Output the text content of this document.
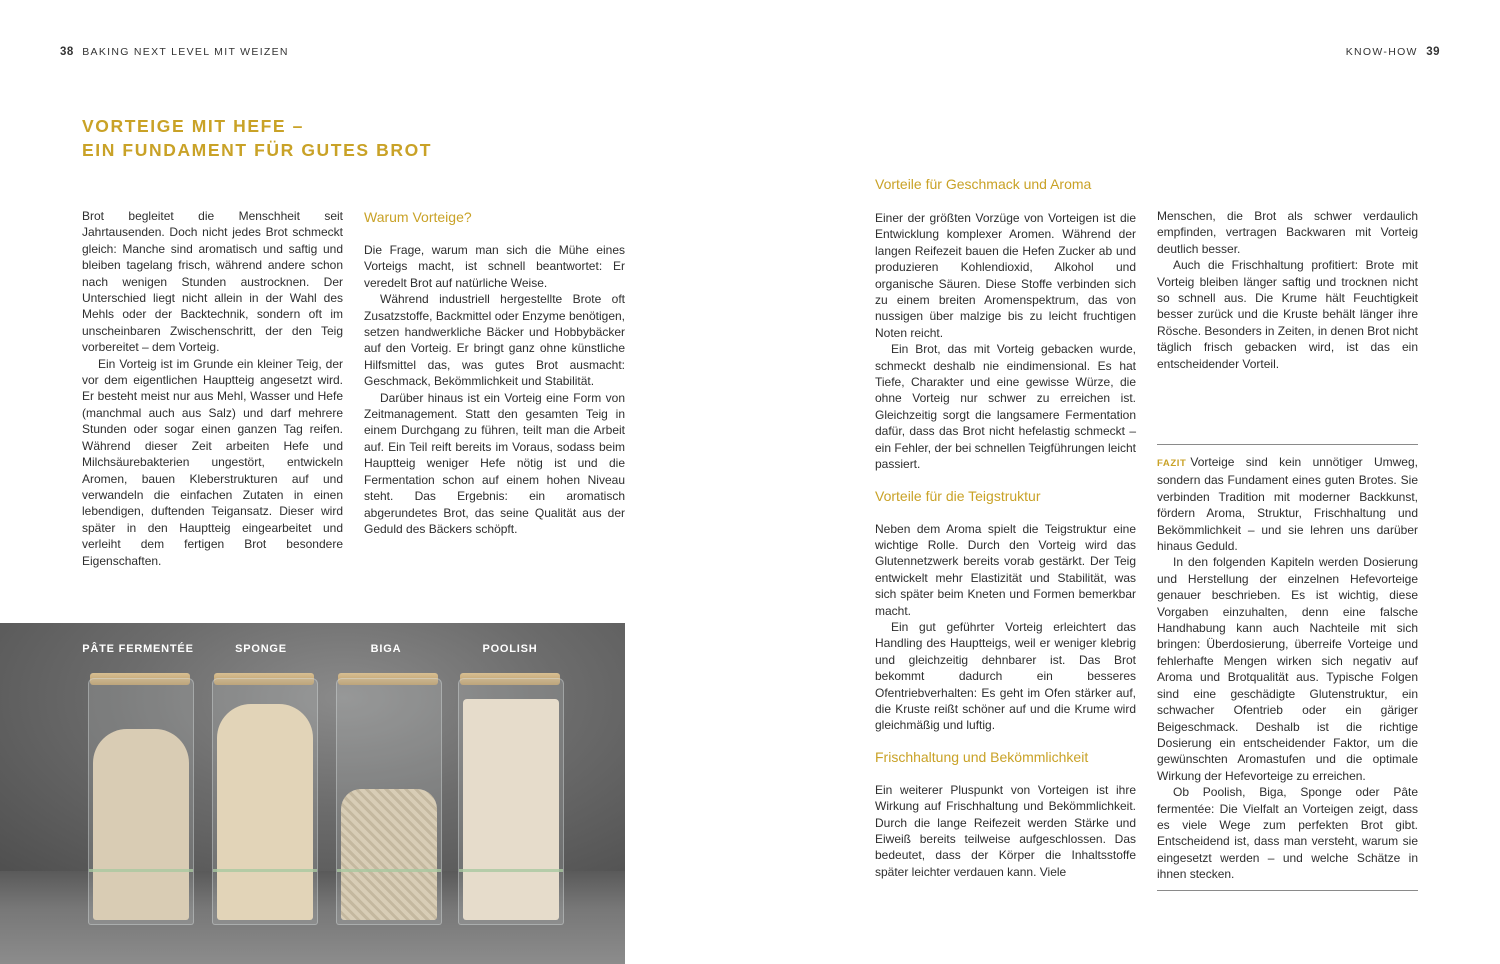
38 BAKING NEXT LEVEL MIT WEIZEN	KNOW-HOW 39
VORTEIGE MIT HEFE –
EIN FUNDAMENT FÜR GUTES BROT

Brot begleitet die Menschheit seit Jahrtausenden. Doch nicht jedes Brot schmeckt gleich: Manche sind aromatisch und saftig und bleiben tagelang frisch, während andere schon nach wenigen Stunden austrocknen. Der Unterschied liegt nicht allein in der Wahl des Mehls oder der Backtechnik, sondern oft im unscheinbaren Zwischenschritt, der den Teig vorbereitet – dem Vorteig.

Ein Vorteig ist im Grunde ein kleiner Teig, der vor dem eigentlichen Hauptteig angesetzt wird. Er besteht meist nur aus Mehl, Wasser und Hefe (manchmal auch aus Salz) und darf mehrere Stunden oder sogar einen ganzen Tag reifen. Während dieser Zeit arbeiten Hefe und Milchsäurebakterien ungestört, entwickeln Aromen, bauen Kleberstrukturen auf und verwandeln die einfachen Zutaten in einen lebendigen, duftenden Teigansatz. Dieser wird später in den Hauptteig eingearbeitet und verleiht dem fertigen Brot besondere Eigenschaften.

Warum Vorteige?

Die Frage, warum man sich die Mühe eines Vorteigs macht, ist schnell beantwortet: Er veredelt Brot auf natürliche Weise.

Während industriell hergestellte Brote oft Zusatzstoffe, Backmittel oder Enzyme benötigen, setzen handwerkliche Bäcker und Hobbybäcker auf den Vorteig. Er bringt ganz ohne künstliche Hilfsmittel das, was gutes Brot ausmacht: Geschmack, Bekömmlichkeit und Stabilität.

Darüber hinaus ist ein Vorteig eine Form von Zeitmanagement. Statt den gesamten Teig in einem Durchgang zu führen, teilt man die Arbeit auf. Ein Teil reift bereits im Voraus, sodass beim Hauptteig weniger Hefe nötig ist und die Fermentation schon auf einem hohen Niveau steht. Das Ergebnis: ein aromatisch abgerundetes Brot, das seine Qualität aus der Geduld des Bäckers schöpft.

Vorteile für Geschmack und Aroma

Einer der größten Vorzüge von Vorteigen ist die Entwicklung komplexer Aromen. Während der langen Reifezeit bauen die Hefen Zucker ab und produzieren Kohlendioxid, Alkohol und organische Säuren. Diese Stoffe verbinden sich zu einem breiten Aromenspektrum, das von nussigen über malzige bis zu leicht fruchtigen Noten reicht.

Ein Brot, das mit Vorteig gebacken wurde, schmeckt deshalb nie eindimensional. Es hat Tiefe, Charakter und eine gewisse Würze, die ohne Vorteig nur schwer zu erreichen ist. Gleichzeitig sorgt die langsamere Fermentation dafür, dass das Brot nicht hefelastig schmeckt – ein Fehler, der bei schnellen Teigführungen leicht passiert.

Vorteile für die Teigstruktur

Neben dem Aroma spielt die Teigstruktur eine wichtige Rolle. Durch den Vorteig wird das Glutennetzwerk bereits vorab gestärkt. Der Teig entwickelt mehr Elastizität und Stabilität, was sich später beim Kneten und Formen bemerkbar macht.

Ein gut geführter Vorteig erleichtert das Handling des Hauptteigs, weil er weniger klebrig und gleichzeitig dehnbarer ist. Das Brot bekommt dadurch ein besseres Ofentriebverhalten: Es geht im Ofen stärker auf, die Kruste reißt schöner auf und die Krume wird gleichmäßig und luftig.

Frischhaltung und Bekömmlichkeit

Ein weiterer Pluspunkt von Vorteigen ist ihre Wirkung auf Frischhaltung und Bekömmlichkeit. Durch die lange Reifezeit werden Stärke und Eiweiß bereits teilweise aufgeschlossen. Das bedeutet, dass der Körper die Inhaltsstoffe später leichter verdauen kann. Viele

Menschen, die Brot als schwer verdaulich empfinden, vertragen Backwaren mit Vorteig deutlich besser.

Auch die Frischhaltung profitiert: Brote mit Vorteig bleiben länger saftig und trocknen nicht so schnell aus. Die Krume hält Feuchtigkeit besser zurück und die Kruste behält länger ihre Rösche. Besonders in Zeiten, in denen Brot nicht täglich frisch gebacken wird, ist das ein entscheidender Vorteil.

FAZIT Vorteige sind kein unnötiger Umweg, sondern das Fundament eines guten Brotes. Sie verbinden Tradition mit moderner Backkunst, fördern Aroma, Struktur, Frischhaltung und Bekömmlichkeit – und sie lehren uns darüber hinaus Geduld.

In den folgenden Kapiteln werden Dosierung und Herstellung der einzelnen Hefevorteige genauer beschrieben. Es ist wichtig, diese Vorgaben einzuhalten, denn eine falsche Handhabung kann auch Nachteile mit sich bringen: Überdosierung, überreife Vorteige und fehlerhafte Mengen wirken sich negativ auf Aroma und Brotqualität aus. Typische Folgen sind eine geschädigte Glutenstruktur, ein schwacher Ofentrieb oder ein gäriger Beigeschmack. Deshalb ist die richtige Dosierung ein entscheidender Faktor, um die gewünschten Aromastufen und die optimale Wirkung der Hefevorteige zu erreichen.

Ob Poolish, Biga, Sponge oder Pâte fermentée: Die Vielfalt an Vorteigen zeigt, dass es viele Wege zum perfekten Brot gibt. Entscheidend ist, dass man versteht, warum sie eingesetzt werden – und welche Schätze in ihnen stecken.

PÂTE FERMENTÉE	SPONGE	BIGA	POOLISH
